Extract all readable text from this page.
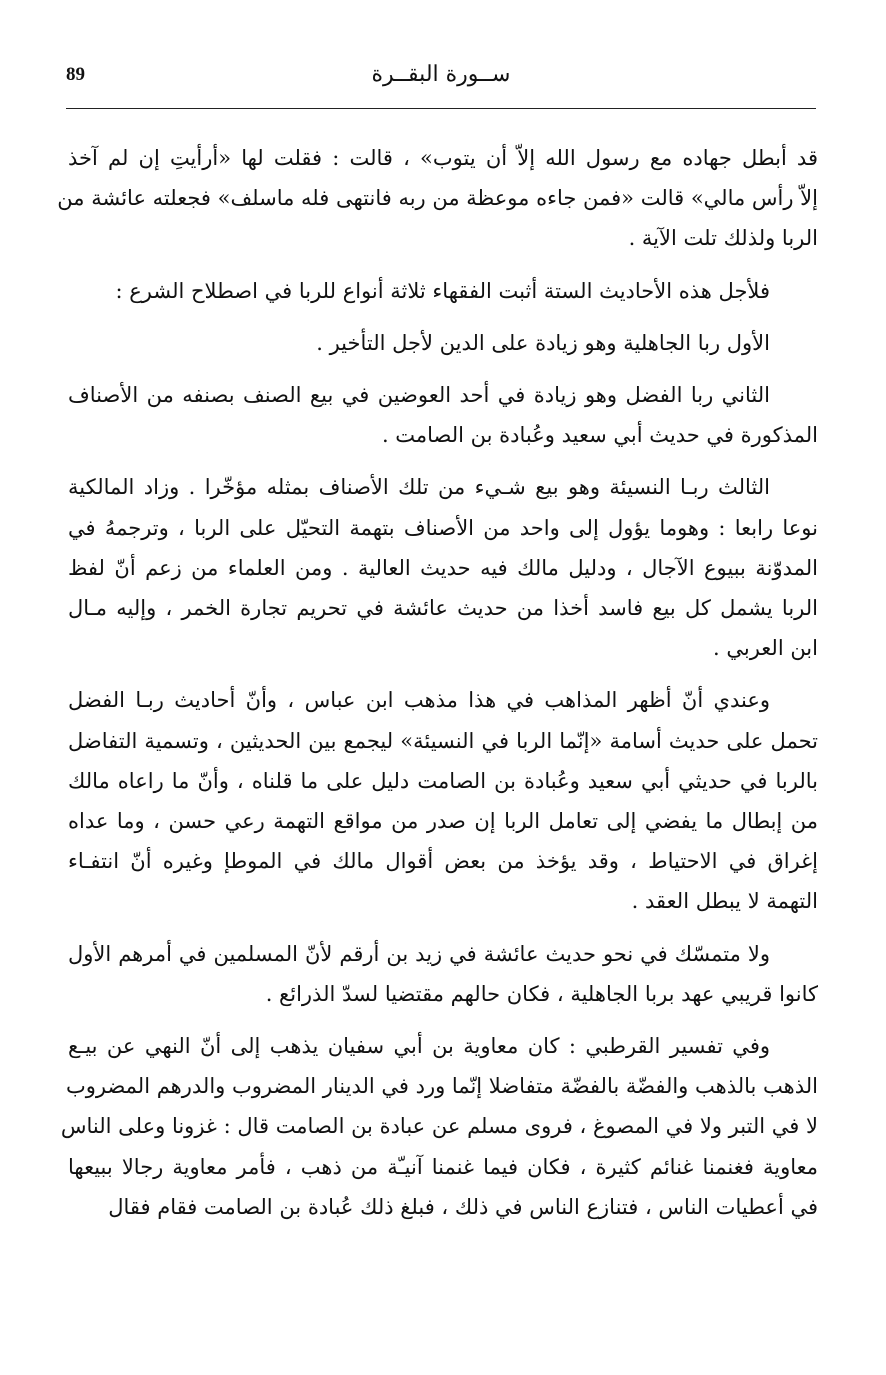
89	ســورة البقــرة
قد أبطل جهاده مع رسول الله إلاّ أن يتوب» ، قالت : فقلت لها «أرأيتِ إن لم آخذ
إلاّ رأس مالي» قالت «فمن جاءه موعظة من ربه فانتهى فله ماسلف» فجعلته عائشة من
الربا ولذلك تلت الآية .
فلأجل هذه الأحاديث الستة أثبت الفقهاء ثلاثة أنواع للربا في اصطلاح الشرع :
الأول ربا الجاهلية وهو زيادة على الدين لأجل التأخير .
الثاني ربا الفضل وهو زيادة في أحد العوضين في بيع الصنف بصنفه من الأصناف
المذكورة في حديث أبي سعيد وعُبادة بن الصامت .
الثالث ربـا النسيئة وهو بيع شـيء من تلك الأصناف بمثله مؤخّرا . وزاد المالكية
نوعا رابعا : وهوما يؤول إلى واحد من الأصناف بتهمة التحيّل على الربا ، وترجمهُ في
المدوّنة ببيوع الآجال ، ودليل مالك فيه حديث العالية . ومن العلماء من زعم أنّ لفظ
الربا يشمل كل بيع فاسد أخذا من حديث عائشة في تحريم تجارة الخمر ، وإليه مـال
ابن العربي .
وعندي أنّ أظهر المذاهب في هذا مذهب ابن عباس ، وأنّ أحاديث ربـا الفضل
تحمل على حديث أسامة «إنّما الربا في النسيئة» ليجمع بين الحديثين ، وتسمية التفاضل
بالربا في حديثي أبي سعيد وعُبادة بن الصامت دليل على ما قلناه ، وأنّ ما راعاه مالك
من إبطال ما يفضي إلى تعامل الربا إن صدر من مواقع التهمة رعي حسن ، وما عداه
إغراق في الاحتياط ، وقد يؤخذ من بعض أقوال مالك في الموطإ وغيره أنّ انتفـاء
التهمة لا يبطل العقد .
ولا متمسّك في نحو حديث عائشة في زيد بن أرقم لأنّ المسلمين في أمرهم الأول
كانوا قريبي عهد بربا الجاهلية ، فكان حالهم مقتضيا لسدّ الذرائع .
وفي تفسير القرطبي : كان معاوية بن أبي سفيان يذهب إلى أنّ النهي عن بيـع
الذهب بالذهب والفضّة بالفضّة متفاضلا إنّما ورد في الدينار المضروب والدرهم المضروب
لا في التبر ولا في المصوغ ، فروى مسلم عن عبادة بن الصامت قال : غزونا وعلى الناس
معاوية فغنمنا غنائم كثيرة ، فكان فيما غنمنا آنيـّة من ذهب ، فأمر معاوية رجالا ببيعها
في أعطيات الناس ، فتنازع الناس في ذلك ، فبلغ ذلك عُبادة بن الصامت فقام فقال
